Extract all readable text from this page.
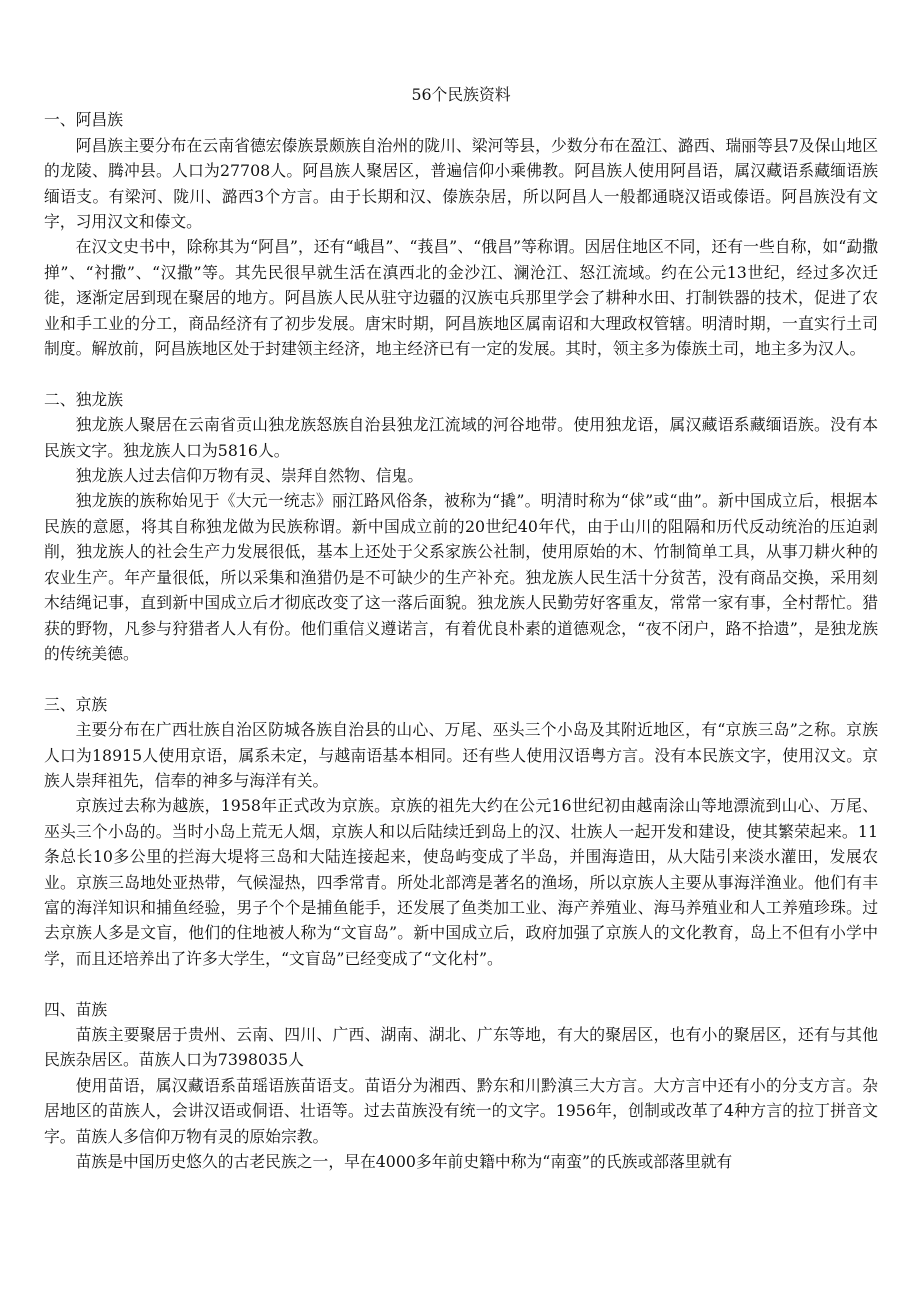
56个民族资料

一、阿昌族

阿昌族主要分布在云南省德宏傣族景颇族自治州的陇川、梁河等县，少数分布在盈江、潞西、瑞丽等县7及保山地区的龙陵、腾冲县。人口为27708人。阿昌族人聚居区，普遍信仰小乘佛教。阿昌族人使用阿昌语，属汉藏语系藏缅语族缅语支。有梁河、陇川、潞西3个方言。由于长期和汉、傣族杂居，所以阿昌人一般都通晓汉语或傣语。阿昌族没有文字，习用汉文和傣文。

在汉文史书中，除称其为“阿昌”，还有“峨昌”、“莪昌”、“俄昌”等称谓。因居住地区不同，还有一些自称，如“勐撒掸”、“衬撒”、“汉撒”等。其先民很早就生活在滇西北的金沙江、澜沧江、怒江流域。约在公元13世纪，经过多次迁徙，逐渐定居到现在聚居的地方。阿昌族人民从驻守边疆的汉族屯兵那里学会了耕种水田、打制铁器的技术，促进了农业和手工业的分工，商品经济有了初步发展。唐宋时期，阿昌族地区属南诏和大理政权管辖。明清时期，一直实行土司制度。解放前，阿昌族地区处于封建领主经济，地主经济已有一定的发展。其时，领主多为傣族土司，地主多为汉人。

二、独龙族

独龙族人聚居在云南省贡山独龙族怒族自治县独龙江流域的河谷地带。使用独龙语，属汉藏语系藏缅语族。没有本民族文字。独龙族人口为5816人。

独龙族人过去信仰万物有灵、崇拜自然物、信鬼。

独龙族的族称始见于《大元一统志》丽江路风俗条，被称为“撬”。明清时称为“俅”或“曲”。新中国成立后，根据本民族的意愿，将其自称独龙做为民族称谓。新中国成立前的20世纪40年代，由于山川的阻隔和历代反动统治的压迫剥削，独龙族人的社会生产力发展很低，基本上还处于父系家族公社制，使用原始的木、竹制简单工具，从事刀耕火种的农业生产。年产量很低，所以采集和渔猎仍是不可缺少的生产补充。独龙族人民生活十分贫苦，没有商品交换，采用刻木结绳记事，直到新中国成立后才彻底改变了这一落后面貌。独龙族人民勤劳好客重友，常常一家有事，全村帮忙。猎获的野物，凡参与狩猎者人人有份。他们重信义遵诺言，有着优良朴素的道德观念，“夜不闭户，路不拾遗”，是独龙族的传统美德。

三、京族

主要分布在广西壮族自治区防城各族自治县的山心、万尾、巫头三个小岛及其附近地区，有“京族三岛”之称。京族人口为18915人使用京语，属系未定，与越南语基本相同。还有些人使用汉语粤方言。没有本民族文字，使用汉文。京族人崇拜祖先，信奉的神多与海洋有关。

京族过去称为越族，1958年正式改为京族。京族的祖先大约在公元16世纪初由越南涂山等地漂流到山心、万尾、巫头三个小岛的。当时小岛上荒无人烟，京族人和以后陆续迁到岛上的汉、壮族人一起开发和建设，使其繁荣起来。11条总长10多公里的拦海大堤将三岛和大陆连接起来，使岛屿变成了半岛，并围海造田，从大陆引来淡水灌田，发展农业。京族三岛地处亚热带，气候湿热，四季常青。所处北部湾是著名的渔场，所以京族人主要从事海洋渔业。他们有丰富的海洋知识和捕鱼经验，男子个个是捕鱼能手，还发展了鱼类加工业、海产养殖业、海马养殖业和人工养殖珍珠。过去京族人多是文盲，他们的住地被人称为“文盲岛”。新中国成立后，政府加强了京族人的文化教育，岛上不但有小学中学，而且还培养出了许多大学生，“文盲岛”已经变成了“文化村”。

四、苗族

苗族主要聚居于贵州、云南、四川、广西、湖南、湖北、广东等地，有大的聚居区，也有小的聚居区，还有与其他民族杂居区。苗族人口为7398035人

使用苗语，属汉藏语系苗瑶语族苗语支。苗语分为湘西、黔东和川黔滇三大方言。大方言中还有小的分支方言。杂居地区的苗族人，会讲汉语或侗语、壮语等。过去苗族没有统一的文字。1956年，创制或改革了4种方言的拉丁拼音文字。苗族人多信仰万物有灵的原始宗教。

苗族是中国历史悠久的古老民族之一，早在4000多年前史籍中称为“南蛮”的氏族或部落里就有
